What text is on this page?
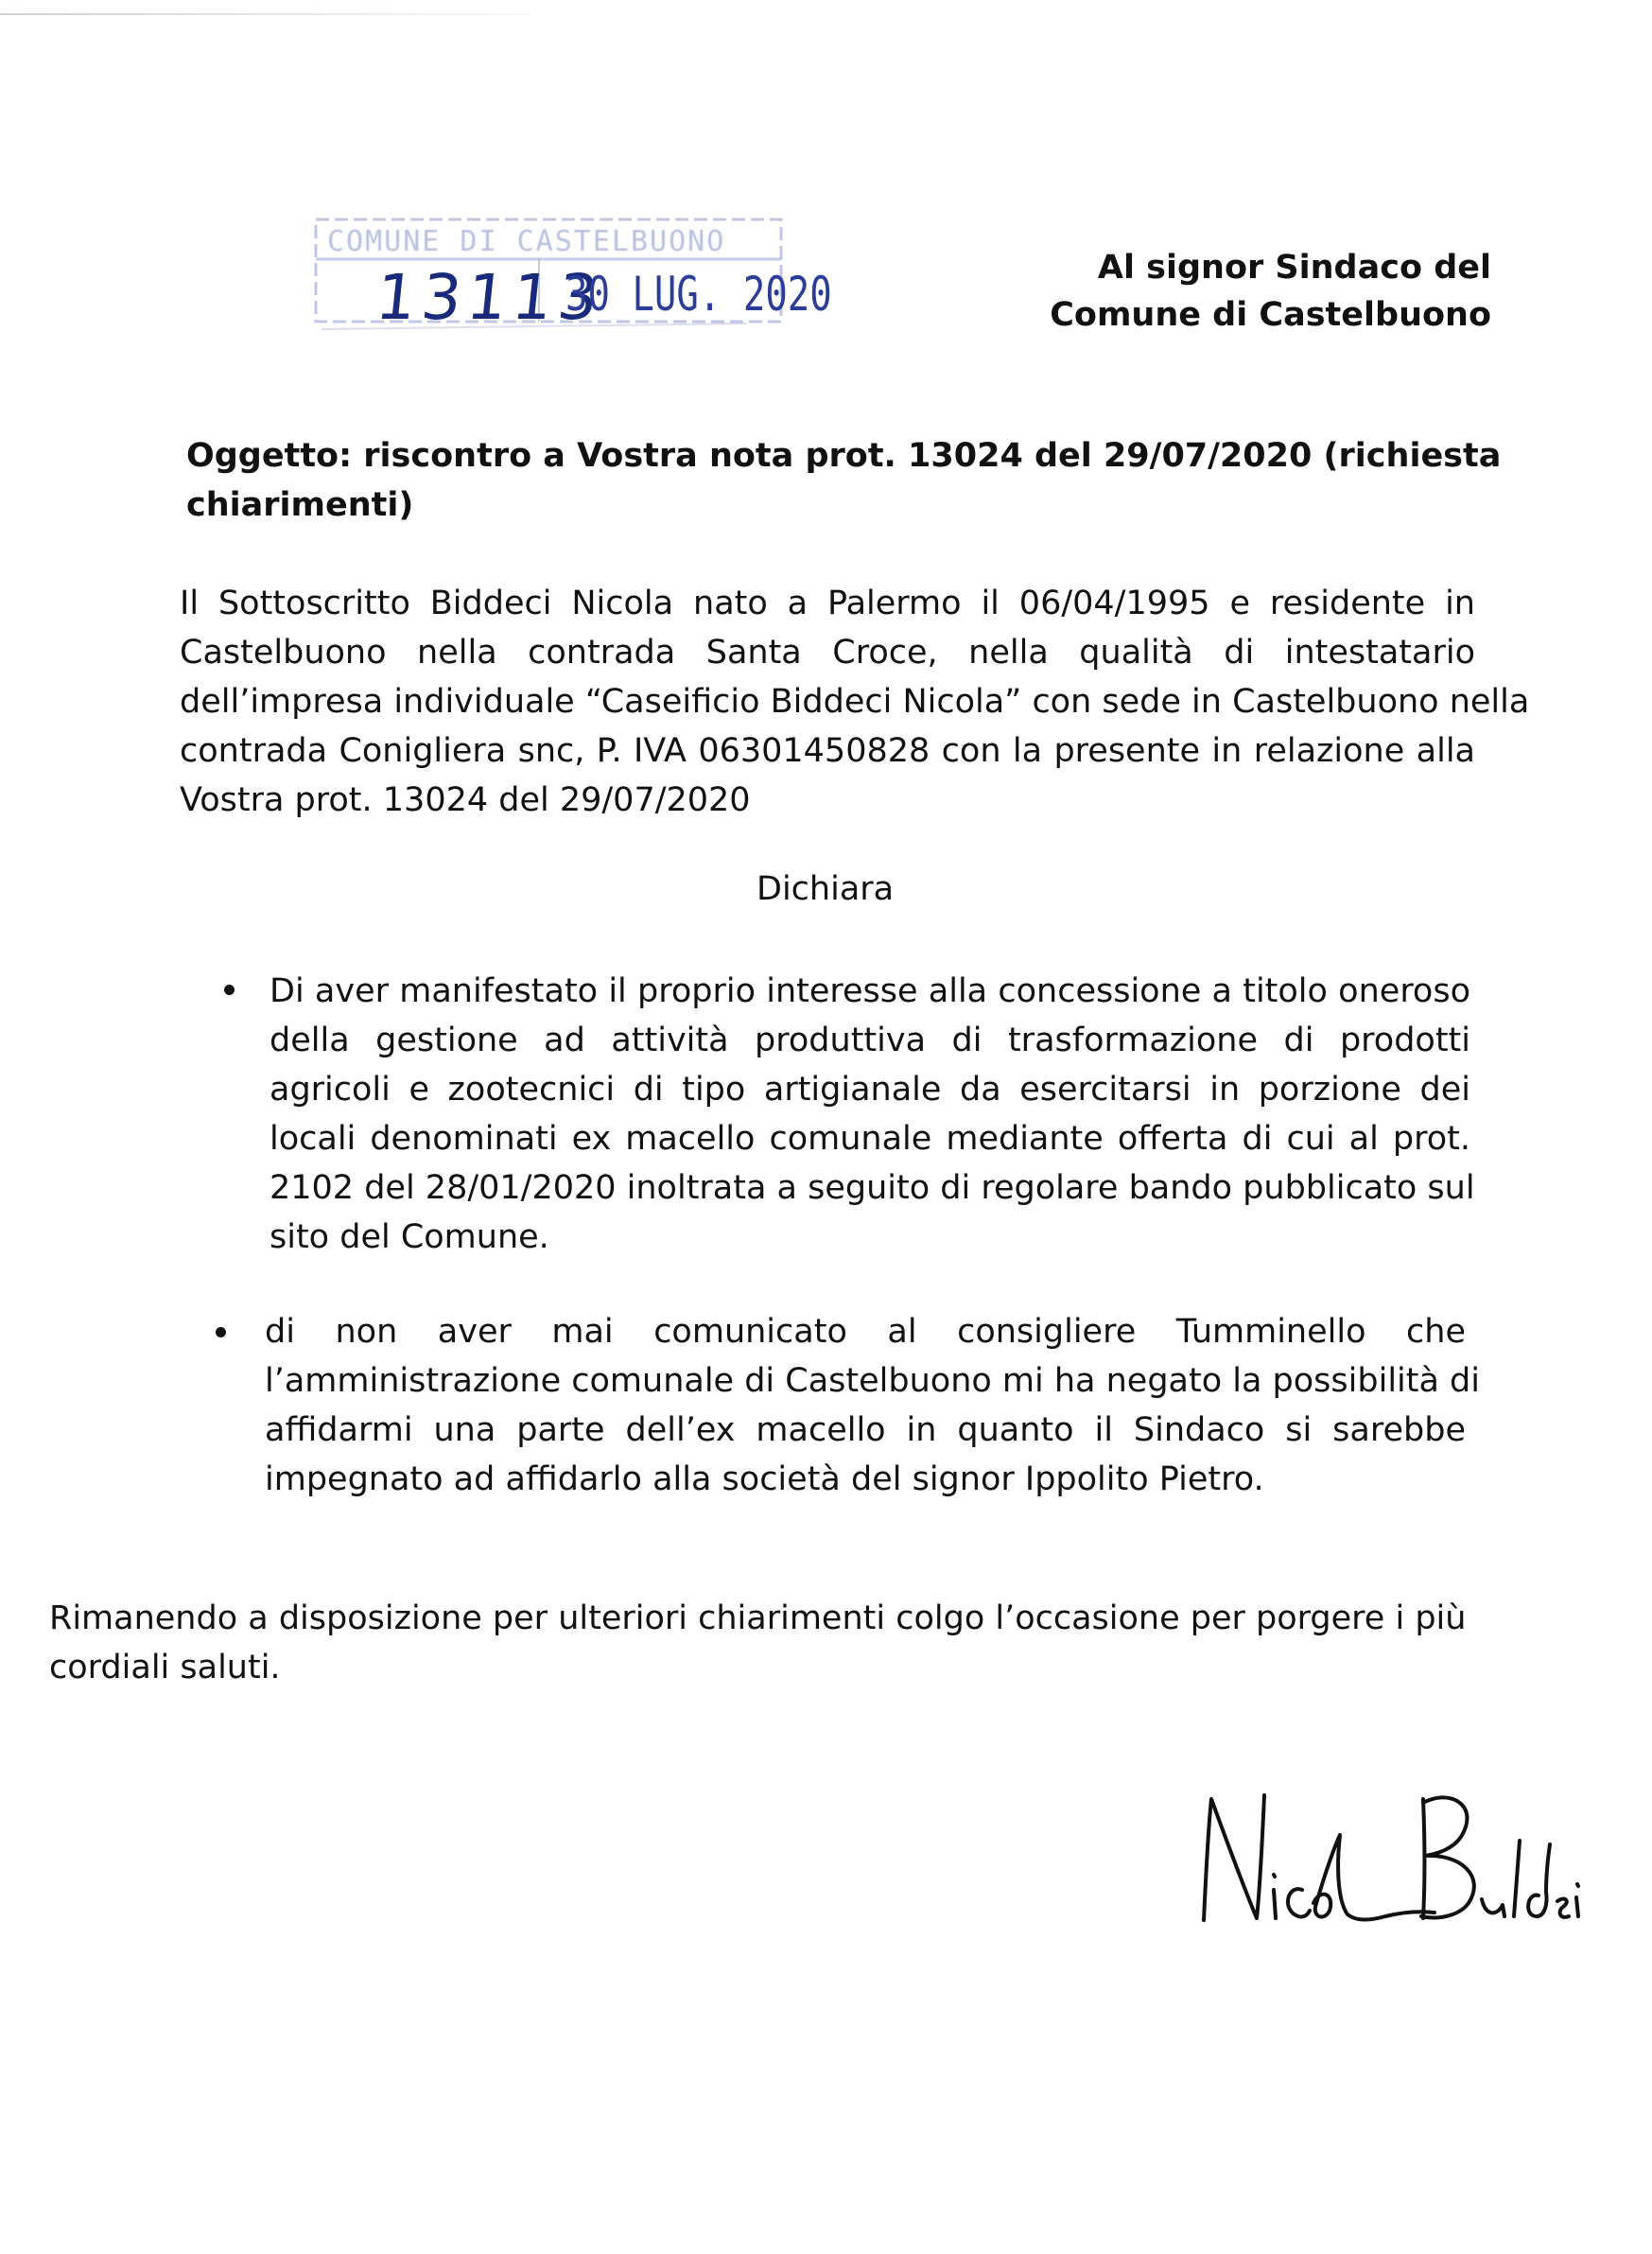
COMUNE DI CASTELBUONO
13113
30 LUG. 2020	Al signor Sindaco del
Comune di Castelbuono
Oggetto: riscontro a Vostra nota prot. 13024 del 29/07/2020 (richiesta
chiarimenti)
Il Sottoscritto Biddeci Nicola nato a Palermo il 06/04/1995 e residente in
Castelbuono nella contrada Santa Croce, nella qualità di intestatario
dell’impresa individuale “Caseificio Biddeci Nicola” con sede in Castelbuono nella
contrada Conigliera snc, P. IVA 06301450828 con la presente in relazione alla
Vostra prot. 13024 del 29/07/2020
Dichiara
Di aver manifestato il proprio interesse alla concessione a titolo oneroso
della gestione ad attività produttiva di trasformazione di prodotti
agricoli e zootecnici di tipo artigianale da esercitarsi in porzione dei
locali denominati ex macello comunale mediante offerta di cui al prot.
2102 del 28/01/2020 inoltrata a seguito di regolare bando pubblicato sul
sito del Comune.
di non aver mai comunicato al consigliere Tumminello che
l’amministrazione comunale di Castelbuono mi ha negato la possibilità di
affidarmi una parte dell’ex macello in quanto il Sindaco si sarebbe
impegnato ad affidarlo alla società del signor Ippolito Pietro.
Rimanendo a disposizione per ulteriori chiarimenti colgo l’occasione per porgere i più
cordiali saluti.
